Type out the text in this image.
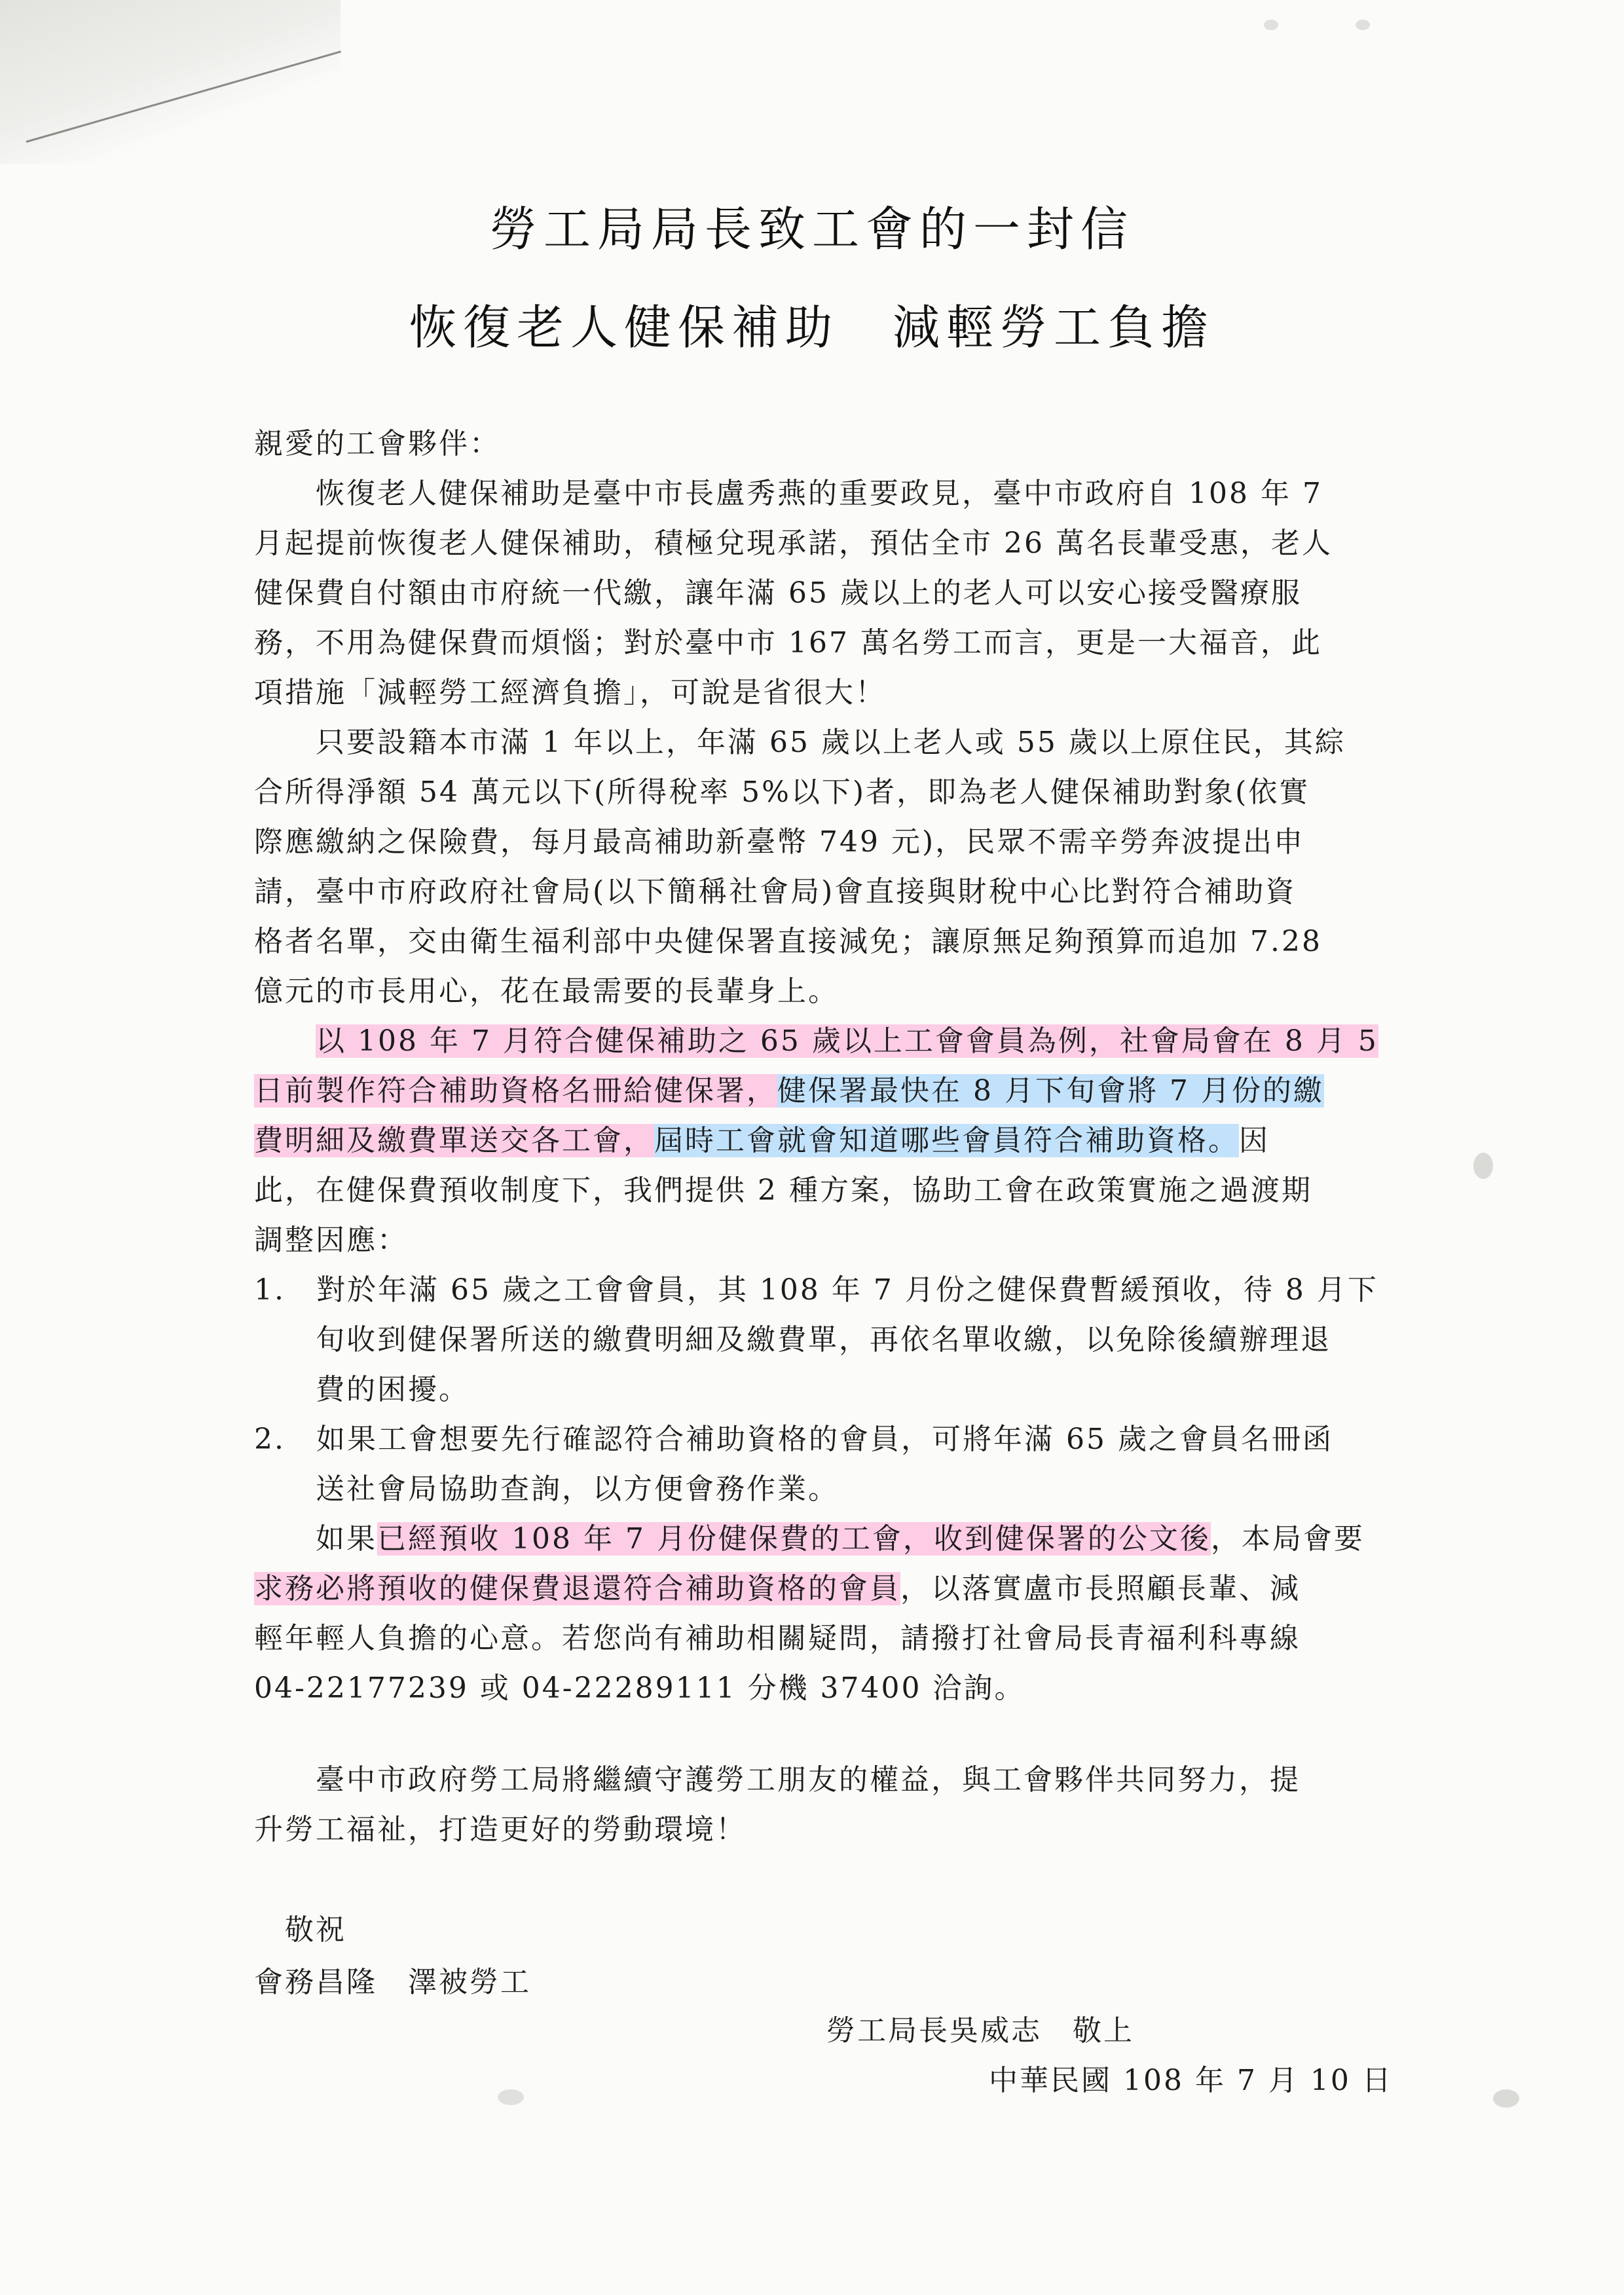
勞工局局長致工會的一封信
恢復老人健保補助　減輕勞工負擔

親愛的工會夥伴：

　　恢復老人健保補助是臺中市長盧秀燕的重要政見，臺中市政府自 108 年 7

月起提前恢復老人健保補助，積極兌現承諾，預估全市 26 萬名長輩受惠，老人

健保費自付額由市府統一代繳，讓年滿 65 歲以上的老人可以安心接受醫療服

務，不用為健保費而煩惱；對於臺中市 167 萬名勞工而言，更是一大福音，此

項措施「減輕勞工經濟負擔」，可說是省很大！

　　只要設籍本市滿 1 年以上，年滿 65 歲以上老人或 55 歲以上原住民，其綜

合所得淨額 54 萬元以下(所得稅率 5%以下)者，即為老人健保補助對象(依實

際應繳納之保險費，每月最高補助新臺幣 749 元)，民眾不需辛勞奔波提出申

請，臺中市府政府社會局(以下簡稱社會局)會直接與財稅中心比對符合補助資

格者名單，交由衛生福利部中央健保署直接減免；讓原無足夠預算而追加 7.28

億元的市長用心，花在最需要的長輩身上。

　　以 108 年 7 月符合健保補助之 65 歲以上工會會員為例，社會局會在 8 月 5

日前製作符合補助資格名冊給健保署，健保署最快在 8 月下旬會將 7 月份的繳

費明細及繳費單送交各工會，屆時工會就會知道哪些會員符合補助資格。因

此，在健保費預收制度下，我們提供 2 種方案，協助工會在政策實施之過渡期

調整因應：

1.　對於年滿 65 歲之工會會員，其 108 年 7 月份之健保費暫緩預收，待 8 月下

　　旬收到健保署所送的繳費明細及繳費單，再依名單收繳，以免除後續辦理退

　　費的困擾。

2.　如果工會想要先行確認符合補助資格的會員，可將年滿 65 歲之會員名冊函

　　送社會局協助查詢，以方便會務作業。

　　如果已經預收 108 年 7 月份健保費的工會，收到健保署的公文後，本局會要

求務必將預收的健保費退還符合補助資格的會員，以落實盧市長照顧長輩、減

輕年輕人負擔的心意。若您尚有補助相關疑問，請撥打社會局長青福利科專線

04-22177239 或 04-22289111 分機 37400 洽詢。

　　臺中市政府勞工局將繼續守護勞工朋友的權益，與工會夥伴共同努力，提

升勞工福祉，打造更好的勞動環境！

　敬祝
會務昌隆　澤被勞工
勞工局長吳威志　敬上
中華民國 108 年 7 月 10 日
